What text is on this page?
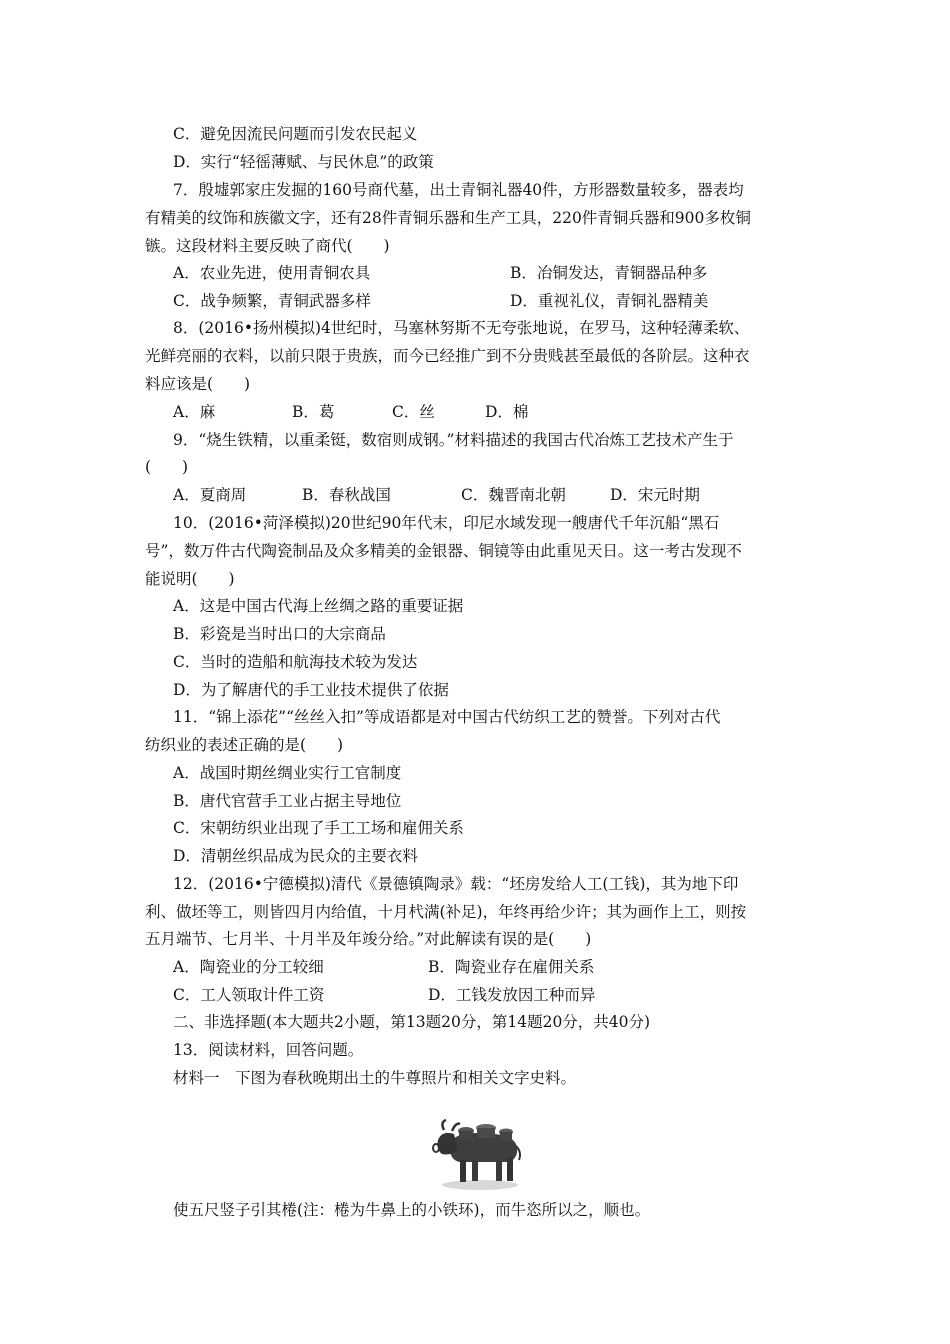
C．避免因流民问题而引发农民起义
D．实行“轻徭薄赋、与民休息”的政策
7．殷墟郭家庄发掘的160号商代墓，出土青铜礼器40件，方形器数量较多，器表均
有精美的纹饰和族徽文字，还有28件青铜乐器和生产工具，220件青铜兵器和900多枚铜
镞。这段材料主要反映了商代(　　)
A．农业先进，使用青铜农具	B．冶铜发达，青铜器品种多
C．战争频繁，青铜武器多样	D．重视礼仪，青铜礼器精美
8．(2016•扬州模拟)4世纪时，马塞林努斯不无夸张地说，在罗马，这种轻薄柔软、
光鲜亮丽的衣料，以前只限于贵族，而今已经推广到不分贵贱甚至最低的各阶层。这种衣
料应该是(　　)
A．麻	B．葛	C．丝	D．棉
9．“烧生铁精，以重柔铤，数宿则成钢。”材料描述的我国古代冶炼工艺技术产生于
(　　)
A．夏商周	B．春秋战国	C．魏晋南北朝	D．宋元时期
10．(2016•菏泽模拟)20世纪90年代末，印尼水域发现一艘唐代千年沉船“黑石
号”，数万件古代陶瓷制品及众多精美的金银器、铜镜等由此重见天日。这一考古发现不
能说明(　　)
A．这是中国古代海上丝绸之路的重要证据
B．彩瓷是当时出口的大宗商品
C．当时的造船和航海技术较为发达
D．为了解唐代的手工业技术提供了依据
11．“锦上添花”“丝丝入扣”等成语都是对中国古代纺织工艺的赞誉。下列对古代
纺织业的表述正确的是(　　)
A．战国时期丝绸业实行工官制度
B．唐代官营手工业占据主导地位
C．宋朝纺织业出现了手工工场和雇佣关系
D．清朝丝织品成为民众的主要衣料
12．(2016•宁德模拟)清代《景德镇陶录》载：“坯房发给人工(工钱)，其为地下印
利、做坯等工，则皆四月内给值，十月杙满(补足)，年终再给少许；其为画作上工，则按
五月端节、七月半、十月半及年竣分给。”对此解读有误的是(　　)
A．陶瓷业的分工较细	B．陶瓷业存在雇佣关系
C．工人领取计件工资	D．工钱发放因工种而异
二、非选择题(本大题共2小题，第13题20分，第14题20分，共40分)
13．阅读材料，回答问题。
材料一　下图为春秋晚期出土的牛尊照片和相关文字史料。
使五尺竖子引其棬(注：棬为牛鼻上的小铁环)，而牛恣所以之，顺也。
